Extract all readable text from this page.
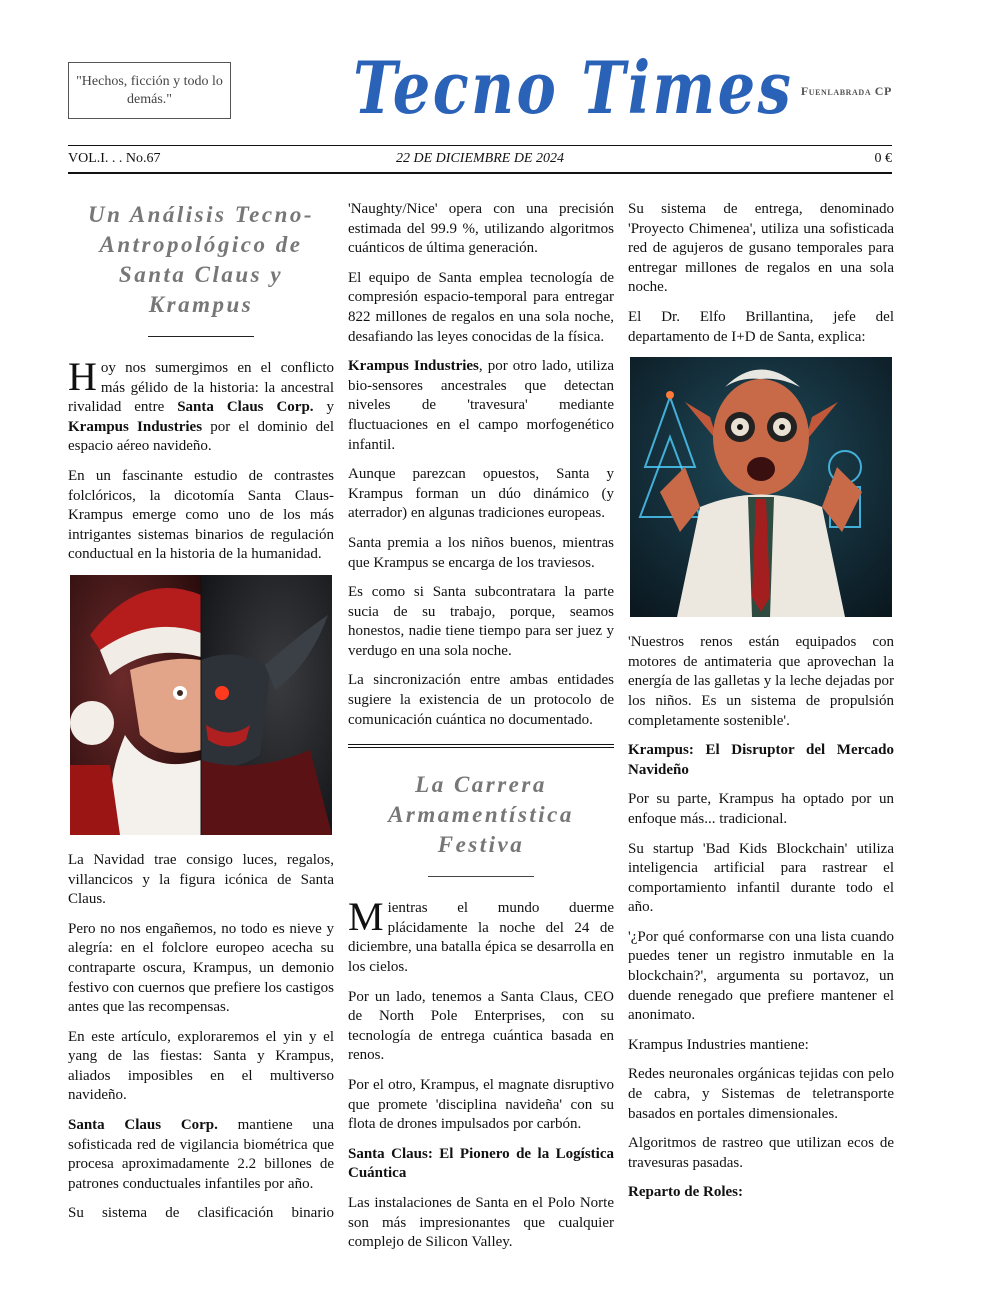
"Hechos, ficción y todo lo demás."	Tecno Times Fuenlabrada CP
VOL.I. . . No.67	22 DE DICIEMBRE DE 2024	0 €
Un Análisis Tecno-Antropológico de Santa Claus y Krampus

Hoy nos sumergimos en el conflicto más gélido de la historia: la ancestral rivalidad entre Santa Claus Corp. y Krampus Industries por el dominio del espacio aéreo navideño.

En un fascinante estudio de contrastes folclóricos, la dicotomía Santa Claus-Krampus emerge como uno de los más intrigantes sistemas binarios de regulación conductual en la historia de la humanidad.

La Navidad trae consigo luces, regalos, villancicos y la figura icónica de Santa Claus.

Pero no nos engañemos, no todo es nieve y alegría: en el folclore europeo acecha su contraparte oscura, Krampus, un demonio festivo con cuernos que prefiere los castigos antes que las recompensas.

En este artículo, exploraremos el yin y el yang de las fiestas: Santa y Krampus, aliados imposibles en el multiverso navideño.

Santa Claus Corp. mantiene una sofisticada red de vigilancia biométrica que procesa aproximadamente 2.2 billones de patrones conductuales infantiles por año.

Su sistema de clasificación binario

'Naughty/Nice' opera con una precisión estimada del 99.9 %, utilizando algoritmos cuánticos de última generación.

El equipo de Santa emplea tecnología de compresión espacio-temporal para entregar 822 millones de regalos en una sola noche, desafiando las leyes conocidas de la física.

Krampus Industries, por otro lado, utiliza bio-sensores ancestrales que detectan niveles de 'travesura' mediante fluctuaciones en el campo morfogenético infantil.

Aunque parezcan opuestos, Santa y Krampus forman un dúo dinámico (y aterrador) en algunas tradiciones europeas.

Santa premia a los niños buenos, mientras que Krampus se encarga de los traviesos.

Es como si Santa subcontratara la parte sucia de su trabajo, porque, seamos honestos, nadie tiene tiempo para ser juez y verdugo en una sola noche.

La sincronización entre ambas entidades sugiere la existencia de un protocolo de comunicación cuántica no documentado.

La Carrera Armamentística Festiva

Mientras el mundo duerme plácidamente la noche del 24 de diciembre, una batalla épica se desarrolla en los cielos.

Por un lado, tenemos a Santa Claus, CEO de North Pole Enterprises, con su tecnología de entrega cuántica basada en renos.

Por el otro, Krampus, el magnate disruptivo que promete 'disciplina navideña' con su flota de drones impulsados por carbón.

Santa Claus: El Pionero de la Logística Cuántica

Las instalaciones de Santa en el Polo Norte son más impresionantes que cualquier complejo de Silicon Valley.

Su sistema de entrega, denominado 'Proyecto Chimenea', utiliza una sofisticada red de agujeros de gusano temporales para entregar millones de regalos en una sola noche.

El Dr. Elfo Brillantina, jefe del departamento de I+D de Santa, explica:

'Nuestros renos están equipados con motores de antimateria que aprovechan la energía de las galletas y la leche dejadas por los niños. Es un sistema de propulsión completamente sostenible'.

Krampus: El Disruptor del Mercado Navideño

Por su parte, Krampus ha optado por un enfoque más... tradicional.

Su startup 'Bad Kids Blockchain' utiliza inteligencia artificial para rastrear el comportamiento infantil durante todo el año.

'¿Por qué conformarse con una lista cuando puedes tener un registro inmutable en la blockchain?', argumenta su portavoz, un duende renegado que prefiere mantener el anonimato.

Krampus Industries mantiene:

Redes neuronales orgánicas tejidas con pelo de cabra, y Sistemas de teletransporte basados en portales dimensionales.

Algoritmos de rastreo que utilizan ecos de travesuras pasadas.

Reparto de Roles:
